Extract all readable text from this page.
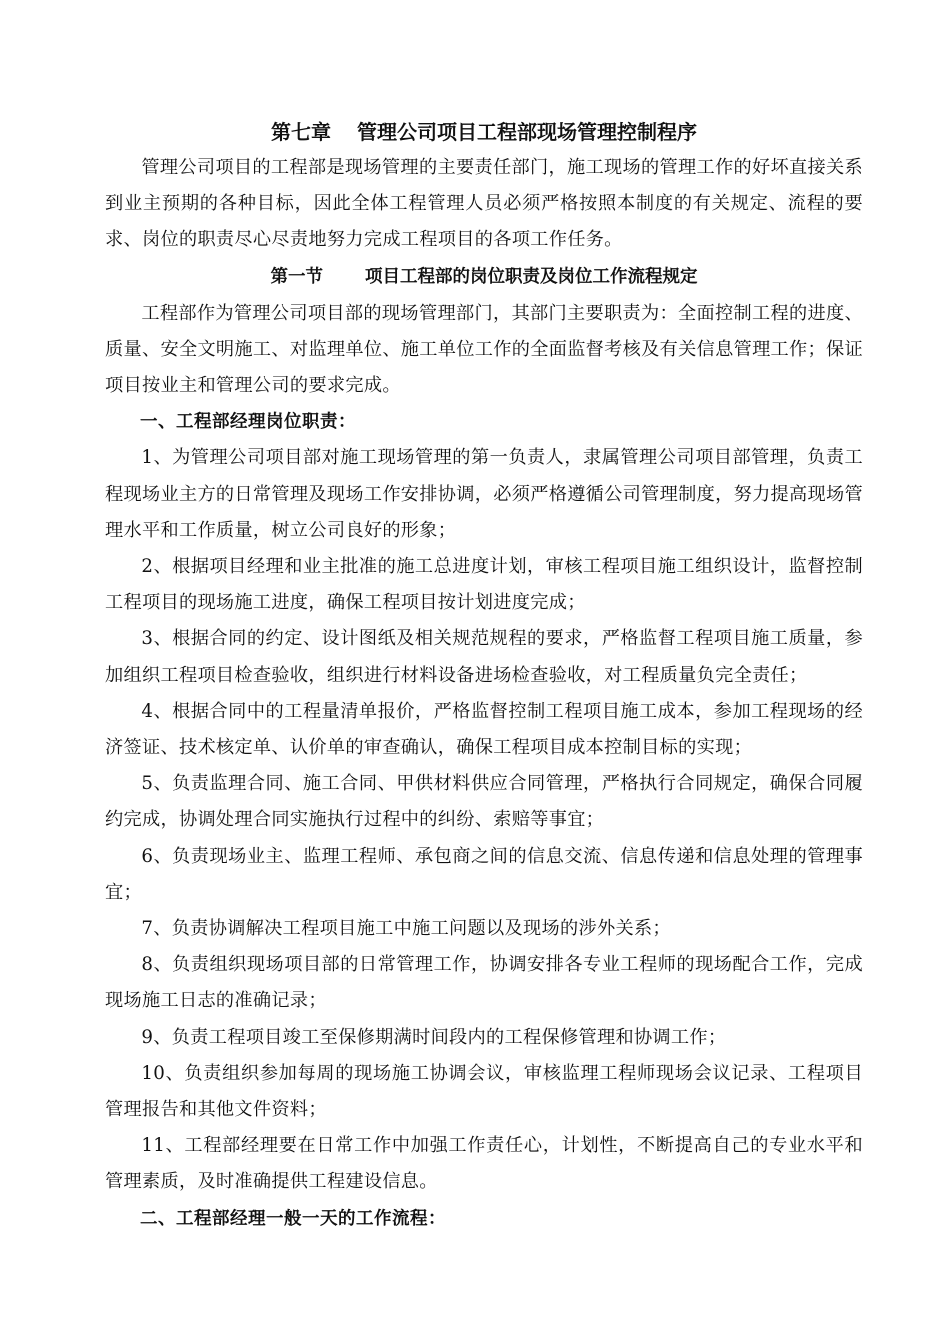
第七章 管理公司项目工程部现场管理控制程序

管理公司项目的工程部是现场管理的主要责任部门，施工现场的管理工作的好坏直接关系到业主预期的各种目标，因此全体工程管理人员必须严格按照本制度的有关规定、流程的要求、岗位的职责尽心尽责地努力完成工程项目的各项工作任务。

第一节 项目工程部的岗位职责及岗位工作流程规定

工程部作为管理公司项目部的现场管理部门，其部门主要职责为：全面控制工程的进度、质量、安全文明施工、对监理单位、施工单位工作的全面监督考核及有关信息管理工作；保证项目按业主和管理公司的要求完成。

一、工程部经理岗位职责：

1、为管理公司项目部对施工现场管理的第一负责人，隶属管理公司项目部管理，负责工程现场业主方的日常管理及现场工作安排协调，必须严格遵循公司管理制度，努力提高现场管理水平和工作质量，树立公司良好的形象；

2、根据项目经理和业主批准的施工总进度计划，审核工程项目施工组织设计，监督控制工程项目的现场施工进度，确保工程项目按计划进度完成；

3、根据合同的约定、设计图纸及相关规范规程的要求，严格监督工程项目施工质量，参加组织工程项目检查验收，组织进行材料设备进场检查验收，对工程质量负完全责任；

4、根据合同中的工程量清单报价，严格监督控制工程项目施工成本，参加工程现场的经济签证、技术核定单、认价单的审查确认，确保工程项目成本控制目标的实现；

5、负责监理合同、施工合同、甲供材料供应合同管理，严格执行合同规定，确保合同履约完成，协调处理合同实施执行过程中的纠纷、索赔等事宜；

6、负责现场业主、监理工程师、承包商之间的信息交流、信息传递和信息处理的管理事宜；

7、负责协调解决工程项目施工中施工问题以及现场的涉外关系；

8、负责组织现场项目部的日常管理工作，协调安排各专业工程师的现场配合工作，完成现场施工日志的准确记录；

9、负责工程项目竣工至保修期满时间段内的工程保修管理和协调工作；

10、负责组织参加每周的现场施工协调会议，审核监理工程师现场会议记录、工程项目管理报告和其他文件资料；

11、工程部经理要在日常工作中加强工作责任心，计划性，不断提高自己的专业水平和管理素质，及时准确提供工程建设信息。

二、工程部经理一般一天的工作流程：
